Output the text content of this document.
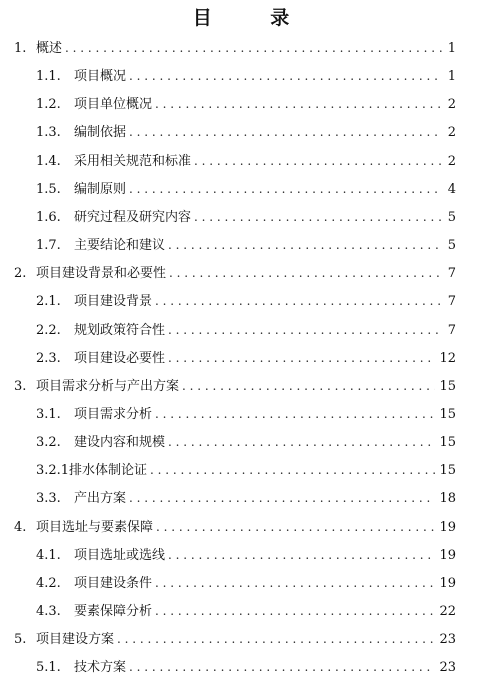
目 录
1. 概述 . . .	1
1.1.	项目概况 . . .	1
1.2.	项目单位概况 . . .	2
1.3.	编制依据 . . .	2
1.4.	采用相关规范和标准 . . .	2
1.5.	编制原则 . . .	4
1.6.	研究过程及研究内容 . . .	5
1.7.	主要结论和建议 . . .	5
2. 项目建设背景和必要性 . . .	7
2.1.	项目建设背景 . . .	7
2.2.	规划政策符合性 . . .	7
2.3.	项目建设必要性 . . .	12
3. 项目需求分析与产出方案 . . .	15
3.1.	项目需求分析 . . .	15
3.2.	建设内容和规模 . . .	15
3.2.1 排水体制论证 . . .	15
3.3.	产出方案 . . .	18
4. 项目选址与要素保障 . . .	19
4.1.	项目选址或选线 . . .	19
4.2.	项目建设条件 . . .	19
4.3.	要素保障分析 . . .	22
5. 项目建设方案 . . .	23
5.1.	技术方案 . . .	23
